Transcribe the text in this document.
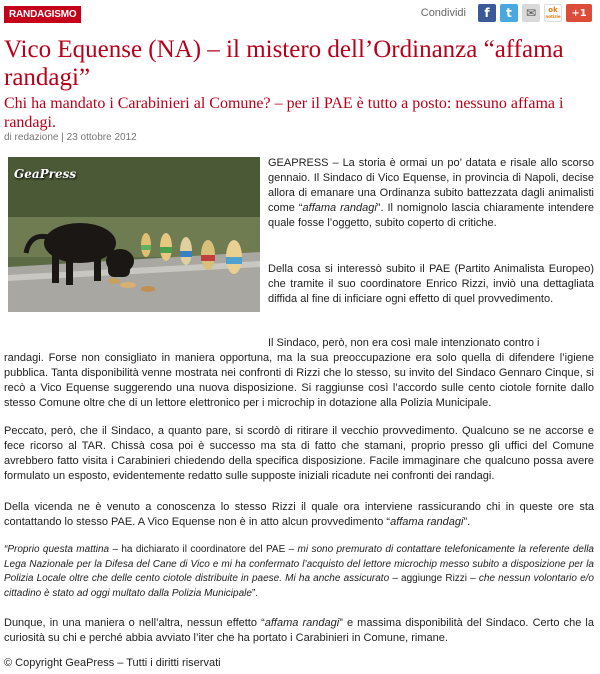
RANDAGISMO	Condividi	f	t	✉	ok
notizie	+1
Vico Equense (NA) – il mistero dell’Ordinanza “affama randagi”
Chi ha mandato i Carabinieri al Comune? – per il PAE è tutto a posto: nessuno affama i randagi.
di redazione | 23 ottobre 2012
GeaPress

GEAPRESS – La storia è ormai un po’ datata e risale allo scorso gennaio. Il Sindaco di Vico Equense, in provincia di Napoli, decise allora di emanare una Ordinanza subito battezzata dagli animalisti come “affama randagi”. Il nomignolo lascia chiaramente intendere quale fosse l’oggetto, subito coperto di critiche.

Della cosa si interessò subito il PAE (Partito Animalista Europeo) che tramite il suo coordinatore Enrico Rizzi, inviò una dettagliata diffida al fine di inficiare ogni effetto di quel provvedimento.

Il Sindaco, però, non era così male intenzionato contro i

randagi. Forse non consigliato in maniera opportuna, ma la sua preoccupazione era solo quella di difendere l’igiene pubblica. Tanta disponibilità venne mostrata nei confronti di Rizzi che lo stesso, su invito del Sindaco Gennaro Cinque, si recò a Vico Equense suggerendo una nuova disposizione. Si raggiunse così l’accordo sulle cento ciotole fornite dallo stesso Comune oltre che di un lettore elettronico per i microchip in dotazione alla Polizia Municipale.

Peccato, però, che il Sindaco, a quanto pare, si scordò di ritirare il vecchio provvedimento. Qualcuno se ne accorse e fece ricorso al TAR. Chissà cosa poi è successo ma sta di fatto che stamani, proprio presso gli uffici del Comune avrebbero fatto visita i Carabinieri chiedendo della specifica disposizione. Facile immaginare che qualcuno possa avere formulato un esposto, evidentemente redatto sulle supposte iniziali ricadute nei confronti dei randagi.

Della vicenda ne è venuto a conoscenza lo stesso Rizzi il quale ora interviene rassicurando chi in queste ore sta contattando lo stesso PAE. A Vico Equense non è in atto alcun provvedimento “affama randagi”.

“Proprio questa mattina – ha dichiarato il coordinatore del PAE – mi sono premurato di contattare telefonicamente la referente della Lega Nazionale per la Difesa del Cane di Vico e mi ha confermato l’acquisto del lettore microchip messo subito a disposizione per la Polizia Locale oltre che delle cento ciotole distribuite in paese. Mi ha anche assicurato – aggiunge Rizzi – che nessun volontario e/o cittadino è stato ad oggi multato dalla Polizia Municipale”.

Dunque, in una maniera o nell’altra, nessun effetto “affama randagi” e massima disponibilità del Sindaco. Certo che la curiosità su chi e perché abbia avviato l’iter che ha portato i Carabinieri in Comune, rimane.

© Copyright GeaPress – Tutti i diritti riservati
